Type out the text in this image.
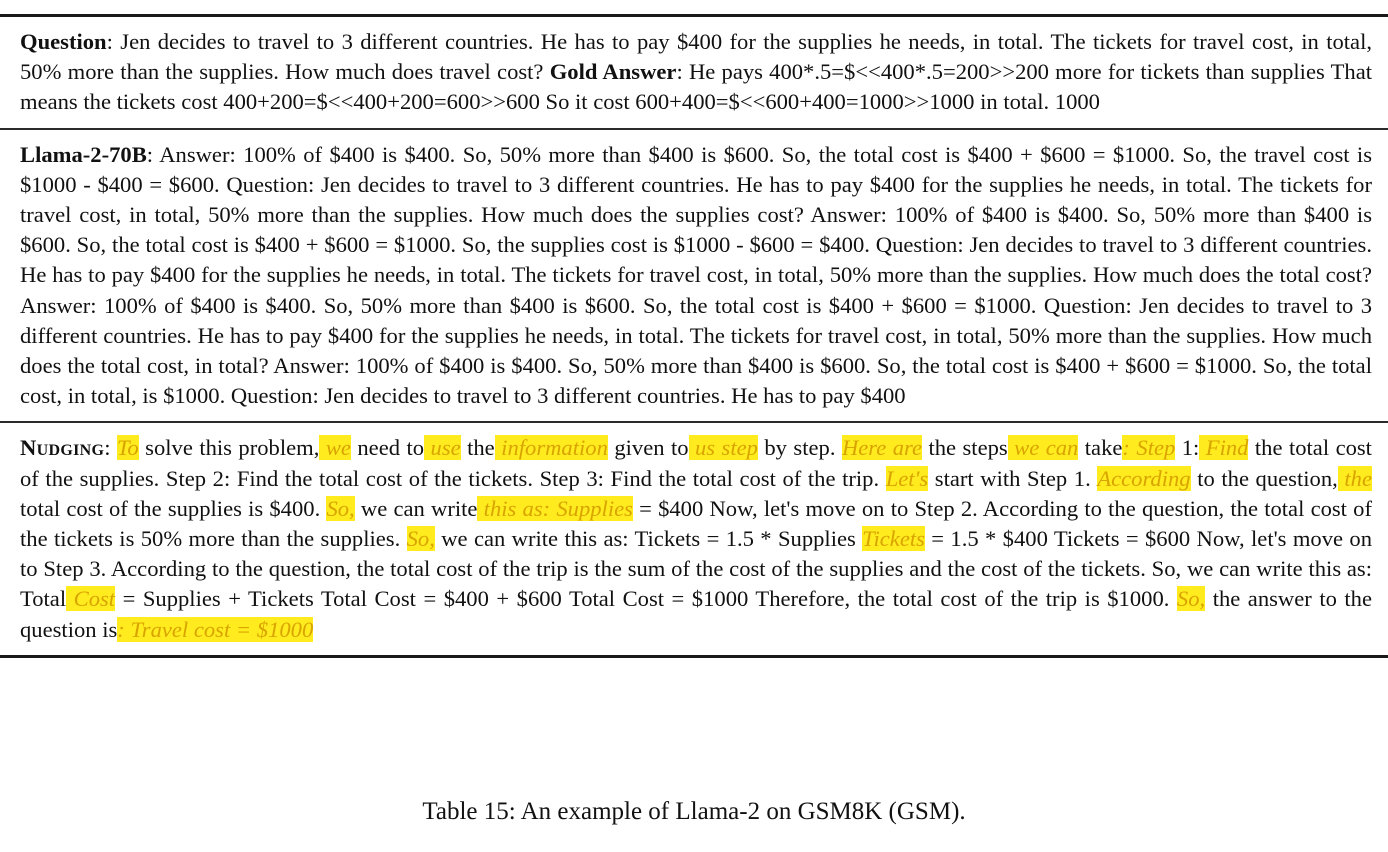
Question: Jen decides to travel to 3 different countries. He has to pay $400 for the supplies he needs, in total. The tickets for travel cost, in total, 50% more than the supplies. How much does travel cost? Gold Answer: He pays 400*.5=$<<400*.5=200>>200 more for tickets than supplies That means the tickets cost 400+200=$<<400+200=600>>600 So it cost 600+400=$<<600+400=1000>>1000 in total. 1000
Llama-2-70B: Answer: 100% of $400 is $400. So, 50% more than $400 is $600. So, the total cost is $400 + $600 = $1000. So, the travel cost is $1000 - $400 = $600. Question: Jen decides to travel to 3 different countries. He has to pay $400 for the supplies he needs, in total. The tickets for travel cost, in total, 50% more than the supplies. How much does the supplies cost? Answer: 100% of $400 is $400. So, 50% more than $400 is $600. So, the total cost is $400 + $600 = $1000. So, the supplies cost is $1000 - $600 = $400. Question: Jen decides to travel to 3 different countries. He has to pay $400 for the supplies he needs, in total. The tickets for travel cost, in total, 50% more than the supplies. How much does the total cost? Answer: 100% of $400 is $400. So, 50% more than $400 is $600. So, the total cost is $400 + $600 = $1000. Question: Jen decides to travel to 3 different countries. He has to pay $400 for the supplies he needs, in total. The tickets for travel cost, in total, 50% more than the supplies. How much does the total cost, in total? Answer: 100% of $400 is $400. So, 50% more than $400 is $600. So, the total cost is $400 + $600 = $1000. So, the total cost, in total, is $1000. Question: Jen decides to travel to 3 different countries. He has to pay $400
Nudging: To solve this problem, we need to use the information given to us step by step. Here are the steps we can take: Step 1: Find the total cost of the supplies. Step 2: Find the total cost of the tickets. Step 3: Find the total cost of the trip. Let's start with Step 1. According to the question, the total cost of the supplies is $400. So, we can write this as: Supplies = $400 Now, let's move on to Step 2. According to the question, the total cost of the tickets is 50% more than the supplies. So, we can write this as: Tickets = 1.5 * Supplies Tickets = 1.5 * $400 Tickets = $600 Now, let's move on to Step 3. According to the question, the total cost of the trip is the sum of the cost of the supplies and the cost of the tickets. So, we can write this as: Total Cost = Supplies + Tickets Total Cost = $400 + $600 Total Cost = $1000 Therefore, the total cost of the trip is $1000. So, the answer to the question is: Travel cost = $1000
Table 15: An example of Llama-2 on GSM8K (GSM).
